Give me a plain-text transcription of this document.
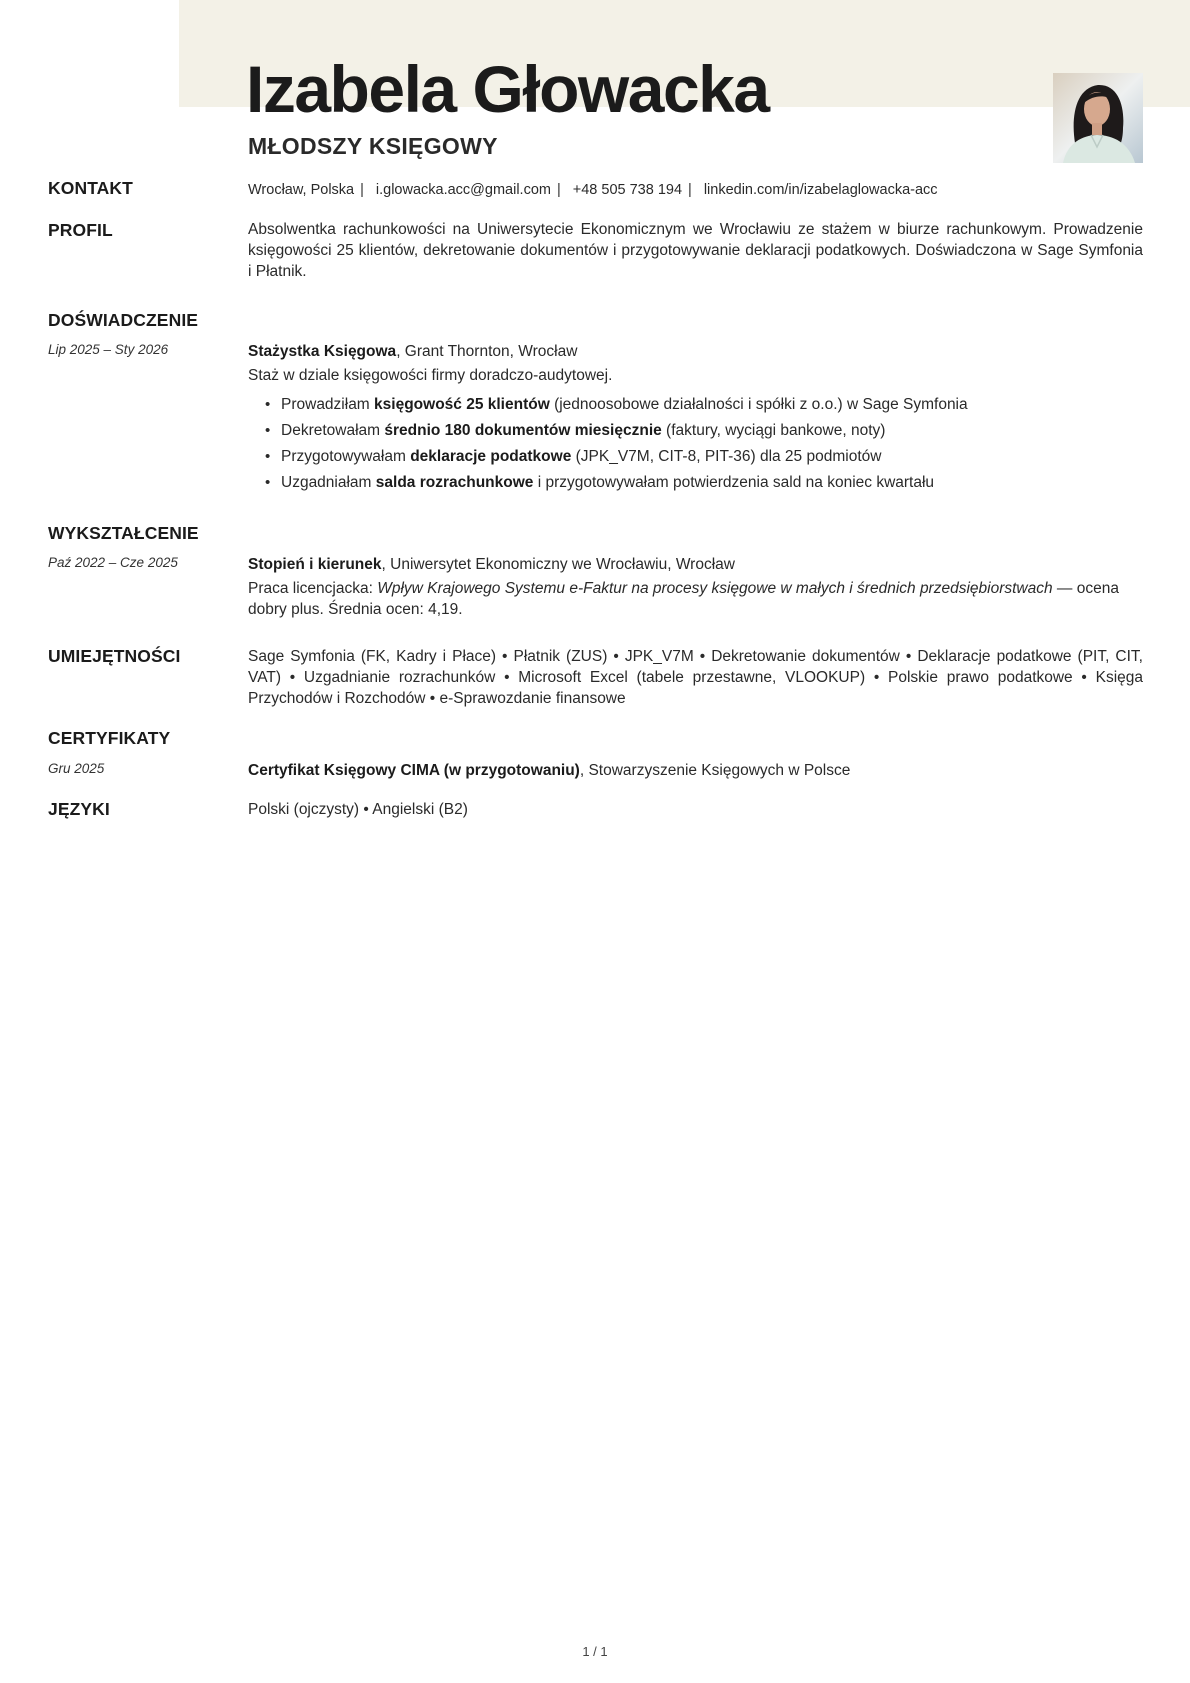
Izabela Głowacka
MŁODSZY KSIĘGOWY
KONTAKT	Wrocław, Polska | i.glowacka.acc@gmail.com | +48 505 738 194 | linkedin.com/in/izabelaglowacka-acc
PROFIL	Absolwentka rachunkowości na Uniwersytecie Ekonomicznym we Wrocławiu ze stażem w biurze rachunkowym. Prowadzenie księgowości 25 klientów, dekretowanie dokumentów i przygotowywanie deklaracji podatkowych. Doświadczona w Sage Symfonia i Płatnik.
DOŚWIADCZENIE
Lip 2025 – Sty 2026	Stażystka Księgowa, Grant Thornton, Wrocław
Staż w dziale księgowości firmy doradczo-audytowej.
• Prowadziłam księgowość 25 klientów (jednoosobowe działalności i spółki z o.o.) w Sage Symfonia
• Dekretowałam średnio 180 dokumentów miesięcznie (faktury, wyciągi bankowe, noty)
• Przygotowywałam deklaracje podatkowe (JPK_V7M, CIT-8, PIT-36) dla 25 podmiotów
• Uzgadniałam salda rozrachunkowe i przygotowywałam potwierdzenia sald na koniec kwartału
WYKSZTAŁCENIE
Paź 2022 – Cze 2025	Stopień i kierunek, Uniwersytet Ekonomiczny we Wrocławiu, Wrocław
Praca licencjacka: Wpływ Krajowego Systemu e-Faktur na procesy księgowe w małych i średnich przedsiębiorstwach — ocena dobry plus. Średnia ocen: 4,19.
UMIEJĘTNOŚCI	Sage Symfonia (FK, Kadry i Płace) • Płatnik (ZUS) • JPK_V7M • Dekretowanie dokumentów • Deklaracje podatkowe (PIT, CIT, VAT) • Uzgadnianie rozrachunków • Microsoft Excel (tabele przestawne, VLOOKUP) • Polskie prawo podatkowe • Księga Przychodów i Rozchodów • e-Sprawozdanie finansowe
CERTYFIKATY
Gru 2025	Certyfikat Księgowy CIMA (w przygotowaniu), Stowarzyszenie Księgowych w Polsce
JĘZYKI	Polski (ojczysty) • Angielski (B2)
1 / 1
